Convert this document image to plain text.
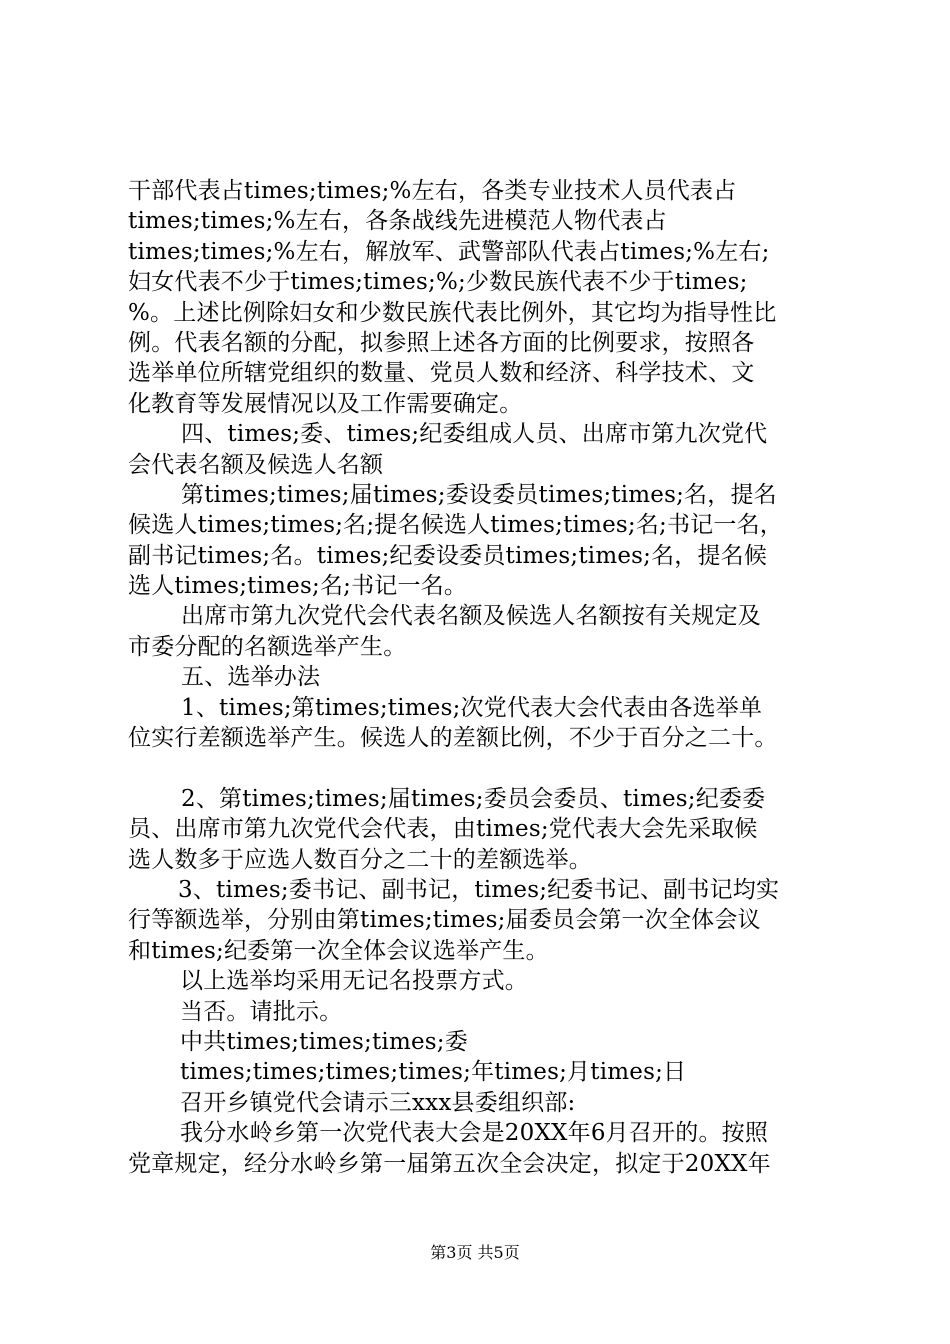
干部代表占times;times;%左右，各类专业技术人员代表占
times;times;%左右，各条战线先进模范人物代表占
times;times;%左右，解放军、武警部队代表占times;%左右;
妇女代表不少于times;times;%;少数民族代表不少于times;
%。上述比例除妇女和少数民族代表比例外，其它均为指导性比
例。代表名额的分配，拟参照上述各方面的比例要求，按照各
选举单位所辖党组织的数量、党员人数和经济、科学技术、文
化教育等发展情况以及工作需要确定。
四、times;委、times;纪委组成人员、出席市第九次党代
会代表名额及候选人名额
第times;times;届times;委设委员times;times;名，提名
候选人times;times;名;提名候选人times;times;名;书记一名，
副书记times;名。times;纪委设委员times;times;名，提名候
选人times;times;名;书记一名。
出席市第九次党代会代表名额及候选人名额按有关规定及
市委分配的名额选举产生。
五、选举办法
1、times;第times;times;次党代表大会代表由各选举单
位实行差额选举产生。候选人的差额比例，不少于百分之二十。
2、第times;times;届times;委员会委员、times;纪委委
员、出席市第九次党代会代表，由times;党代表大会先采取候
选人数多于应选人数百分之二十的差额选举。
3、times;委书记、副书记，times;纪委书记、副书记均实
行等额选举，分别由第times;times;届委员会第一次全体会议
和times;纪委第一次全体会议选举产生。
以上选举均采用无记名投票方式。
当否。请批示。
中共times;times;times;委
times;times;times;times;年times;月times;日
召开乡镇党代会请示三xxx县委组织部:
我分水岭乡第一次党代表大会是20XX年6月召开的。按照
党章规定，经分水岭乡第一届第五次全会决定，拟定于20XX年
第3页 共5页
